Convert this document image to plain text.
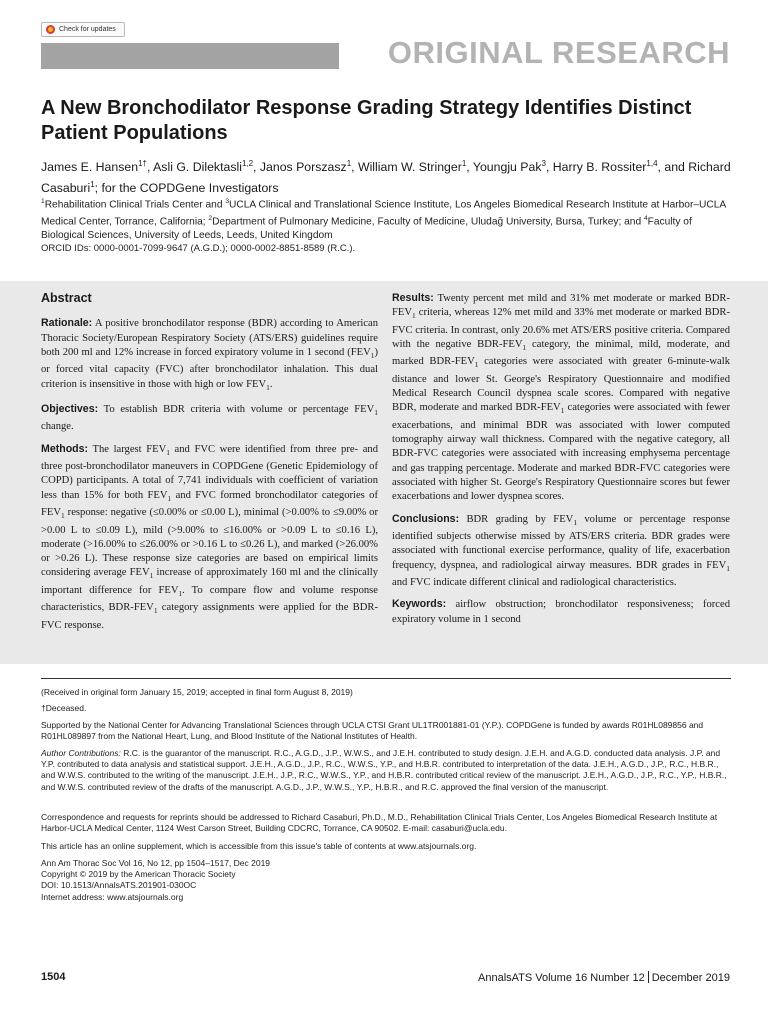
Check for updates
ORIGINAL RESEARCH
A New Bronchodilator Response Grading Strategy Identifies Distinct Patient Populations
James E. Hansen$^{1\dagger}$, Asli G. Dilektasli$^{1,2}$, Janos Porszasz$^1$, William W. Stringer$^1$, Youngju Pak$^3$, Harry B. Rossiter$^{1,4}$, and Richard Casaburi$^1$; for the COPDGene Investigators
$^1$Rehabilitation Clinical Trials Center and $^3$UCLA Clinical and Translational Science Institute, Los Angeles Biomedical Research Institute at Harbor–UCLA Medical Center, Torrance, California; $^2$Department of Pulmonary Medicine, Faculty of Medicine, Uludağ University, Bursa, Turkey; and $^4$Faculty of Biological Sciences, University of Leeds, Leeds, United Kingdom
ORCID IDs: 0000-0001-7099-9647 (A.G.D.); 0000-0002-8851-8589 (R.C.).
Abstract

Rationale: A positive bronchodilator response (BDR) according to American Thoracic Society/European Respiratory Society (ATS/ERS) guidelines require both 200 ml and 12% increase in forced expiratory volume in 1 second $(FEV_1)$ or forced vital capacity (FVC) after bronchodilator inhalation. This dual criterion is insensitive in those with high or low $FEV_1$.

Objectives: To establish BDR criteria with volume or percentage $FEV_1$ change.

Methods: The largest $FEV_1$ and FVC were identified from three pre- and three post-bronchodilator maneuvers in COPDGene (Genetic Epidemiology of COPD) participants. A total of 7,741 individuals with coefficient of variation less than 15% for both $FEV_1$ and FVC formed bronchodilator categories of $FEV_1$ response: negative (≤0.00% or ≤0.00 L), minimal (>0.00% to ≤9.00% or >0.00 L to ≤0.09 L), mild (>9.00% to ≤16.00% or >0.09 L to ≤0.16 L), moderate (>16.00% to ≤26.00% or >0.16 L to ≤0.26 L), and marked (>26.00% or >0.26 L). These response size categories are based on empirical limits considering average $FEV_1$ increase of approximately 160 ml and the clinically important difference for $FEV_1$. To compare flow and volume response characteristics, BDR-$FEV_1$ category assignments were applied for the BDR-FVC response.

Results: Twenty percent met mild and 31% met moderate or marked BDR-$FEV_1$ criteria, whereas 12% met mild and 33% met moderate or marked BDR-FVC criteria. In contrast, only 20.6% met ATS/ERS positive criteria. Compared with the negative BDR-$FEV_1$ category, the minimal, mild, moderate, and marked BDR-$FEV_1$ categories were associated with greater 6-minute-walk distance and lower St. George's Respiratory Questionnaire and modified Medical Research Council dyspnea scale scores. Compared with negative BDR, moderate and marked BDR-$FEV_1$ categories were associated with fewer exacerbations, and minimal BDR was associated with lower computed tomography airway wall thickness. Compared with the negative category, all BDR-FVC categories were associated with increasing emphysema percentage and gas trapping percentage. Moderate and marked BDR-FVC categories were associated with higher St. George's Respiratory Questionnaire scores but fewer exacerbations and lower dyspnea scores.

Conclusions: BDR grading by $FEV_1$ volume or percentage response identified subjects otherwise missed by ATS/ERS criteria. BDR grades were associated with functional exercise performance, quality of life, exacerbation frequency, dyspnea, and radiological airway measures. BDR grades in $FEV_1$ and FVC indicate different clinical and radiological characteristics.

Keywords: airflow obstruction; bronchodilator responsiveness; forced expiratory volume in 1 second

(Received in original form January 15, 2019; accepted in final form August 8, 2019)
†Deceased.
Supported by the National Center for Advancing Translational Sciences through UCLA CTSI Grant UL1TR001881-01 (Y.P.). COPDGene is funded by awards R01HL089856 and R01HL089897 from the National Heart, Lung, and Blood Institute of the National Institutes of Health.
Author Contributions: R.C. is the guarantor of the manuscript. R.C., A.G.D., J.P., W.W.S., and J.E.H. contributed to study design. J.E.H. and A.G.D. conducted data analysis. J.P. and Y.P. contributed to data analysis and statistical support. J.E.H., A.G.D., J.P., R.C., W.W.S., Y.P., and H.B.R. contributed to interpretation of the data. J.E.H., A.G.D., J.P., R.C., H.B.R., and W.W.S. contributed to the writing of the manuscript. J.E.H., J.P., R.C., W.W.S., Y.P., and H.B.R. contributed critical review of the manuscript. J.E.H., A.G.D., J.P., R.C., Y.P., H.B.R., and W.W.S. contributed review of the drafts of the manuscript. A.G.D., J.P., W.W.S., Y.P., H.B.R., and R.C. approved the final version of the manuscript.
Correspondence and requests for reprints should be addressed to Richard Casaburi, Ph.D., M.D., Rehabilitation Clinical Trials Center, Los Angeles Biomedical Research Institute at Harbor-UCLA Medical Center, 1124 West Carson Street, Building CDCRC, Torrance, CA 90502. E-mail: casaburi@ucla.edu.
This article has an online supplement, which is accessible from this issue's table of contents at www.atsjournals.org.
Ann Am Thorac Soc Vol 16, No 12, pp 1504–1517, Dec 2019
Copyright © 2019 by the American Thoracic Society
DOI: 10.1513/AnnalsATS.201901-030OC
Internet address: www.atsjournals.org
1504	AnnalsATS Volume 16 Number 12 December 2019
